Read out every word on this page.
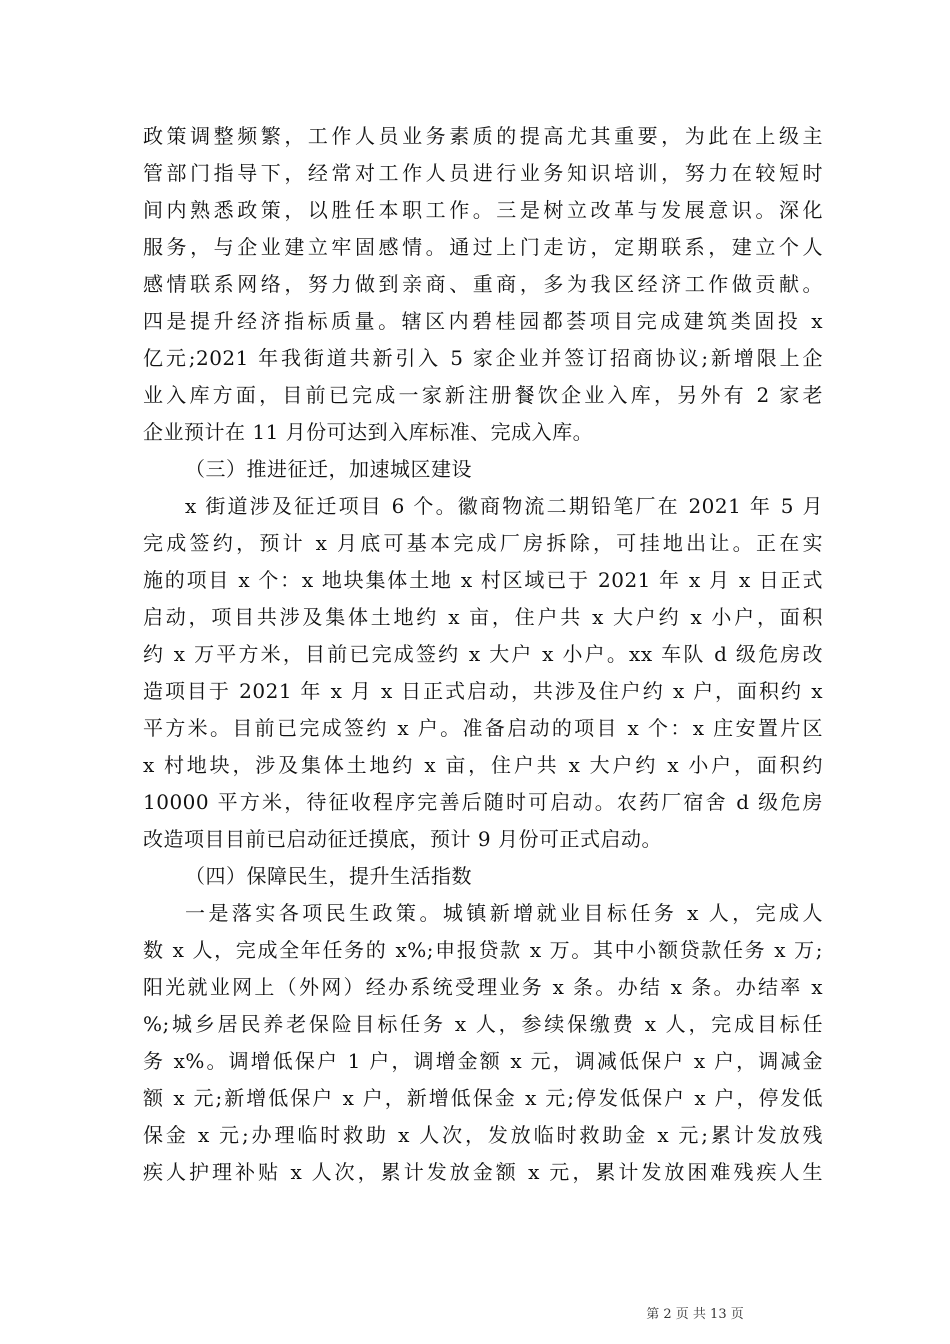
政策调整频繁，工作人员业务素质的提高尤其重要，为此在上级主
管部门指导下，经常对工作人员进行业务知识培训，努力在较短时
间内熟悉政策，以胜任本职工作。三是树立改革与发展意识。深化
服务，与企业建立牢固感情。通过上门走访，定期联系，建立个人
感情联系网络，努力做到亲商、重商，多为我区经济工作做贡献。
四是提升经济指标质量。辖区内碧桂园都荟项目完成建筑类固投 x
亿元;2021 年我街道共新引入 5 家企业并签订招商协议;新增限上企
业入库方面，目前已完成一家新注册餐饮企业入库，另外有 2 家老
企业预计在 11 月份可达到入库标准、完成入库。
（三）推进征迁，加速城区建设
x 街道涉及征迁项目 6 个。徽商物流二期铅笔厂在 2021 年 5 月
完成签约，预计 x 月底可基本完成厂房拆除，可挂地出让。正在实
施的项目 x 个：x 地块集体土地 x 村区域已于 2021 年 x 月 x 日正式
启动，项目共涉及集体土地约 x 亩，住户共 x 大户约 x 小户，面积
约 x 万平方米，目前已完成签约 x 大户 x 小户。xx 车队 d 级危房改
造项目于 2021 年 x 月 x 日正式启动，共涉及住户约 x 户，面积约 x
平方米。目前已完成签约 x 户。准备启动的项目 x 个：x 庄安置片区
x 村地块，涉及集体土地约 x 亩，住户共 x 大户约 x 小户，面积约
10000 平方米，待征收程序完善后随时可启动。农药厂宿舍 d 级危房
改造项目目前已启动征迁摸底，预计 9 月份可正式启动。
（四）保障民生，提升生活指数
一是落实各项民生政策。城镇新增就业目标任务 x 人，完成人
数 x 人，完成全年任务的 x%;申报贷款 x 万。其中小额贷款任务 x 万;
阳光就业网上（外网）经办系统受理业务 x 条。办结 x 条。办结率 x
%;城乡居民养老保险目标任务 x 人，参续保缴费 x 人，完成目标任
务 x%。调增低保户 1 户，调增金额 x 元，调减低保户 x 户，调减金
额 x 元;新增低保户 x 户，新增低保金 x 元;停发低保户 x 户，停发低
保金 x 元;办理临时救助 x 人次，发放临时救助金 x 元;累计发放残
疾人护理补贴 x 人次，累计发放金额 x 元，累计发放困难残疾人生
第 2 页 共 13 页
